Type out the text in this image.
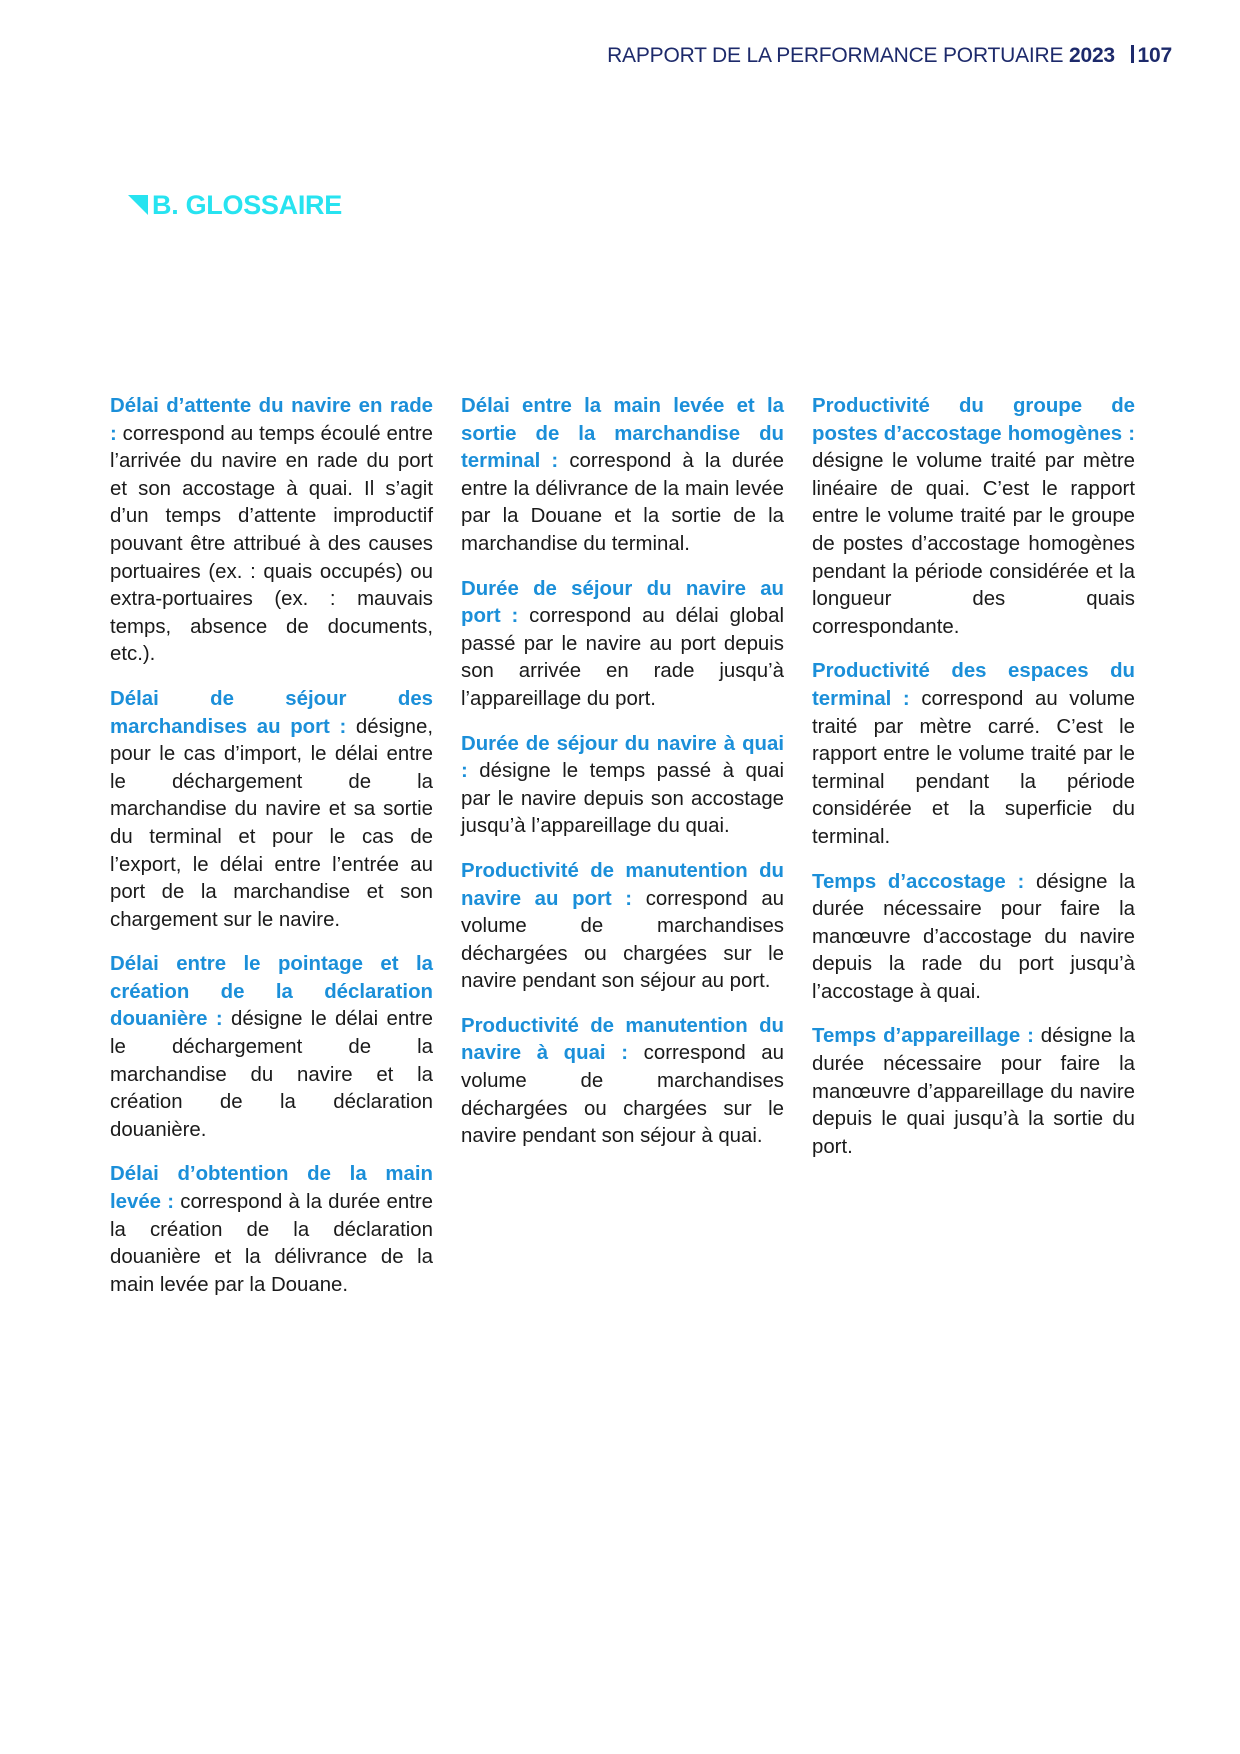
RAPPORT DE LA PERFORMANCE PORTUAIRE 2023 107
B. GLOSSAIRE

Délai d’attente du navire en rade : correspond au temps écoulé entre l’arrivée du navire en rade du port et son accostage à quai. Il s’agit d’un temps d’attente improductif pouvant être attribué à des causes portuaires (ex. : quais occupés) ou extra-portuaires (ex. : mauvais temps, absence de documents, etc.).

Délai de séjour des marchandises au port : désigne, pour le cas d’import, le délai entre le déchargement de la marchandise du navire et sa sortie du terminal et pour le cas de l’export, le délai entre l’entrée au port de la marchandise et son chargement sur le navire.

Délai entre le pointage et la création de la déclaration douanière : désigne le délai entre le déchargement de la marchandise du navire et la création de la déclaration douanière.

Délai d’obtention de la main levée : correspond à la durée entre la création de la déclaration douanière et la délivrance de la main levée par la Douane.

Délai entre la main levée et la sortie de la marchandise du terminal : correspond à la durée entre la délivrance de la main levée par la Douane et la sortie de la marchandise du terminal.

Durée de séjour du navire au port : correspond au délai global passé par le navire au port depuis son arrivée en rade jusqu’à l’appareillage du port.

Durée de séjour du navire à quai : désigne le temps passé à quai par le navire depuis son accostage jusqu’à l’appareillage du quai.

Productivité de manutention du navire au port : correspond au volume de marchandises déchargées ou chargées sur le navire pendant son séjour au port.

Productivité de manutention du navire à quai : correspond au volume de marchandises déchargées ou chargées sur le navire pendant son séjour à quai.

Productivité du groupe de postes d’accostage homogènes : désigne le volume traité par mètre linéaire de quai. C’est le rapport entre le volume traité par le groupe de postes d’accostage homogènes pendant la période considérée et la longueur des quais correspondante.

Productivité des espaces du terminal : correspond au volume traité par mètre carré. C’est le rapport entre le volume traité par le terminal pendant la période considérée et la superficie du terminal.

Temps d’accostage : désigne la durée nécessaire pour faire la manœuvre d’accostage du navire depuis la rade du port jusqu’à l’accostage à quai.

Temps d’appareillage : désigne la durée nécessaire pour faire la manœuvre d’appareillage du navire depuis le quai jusqu’à la sortie du port.
